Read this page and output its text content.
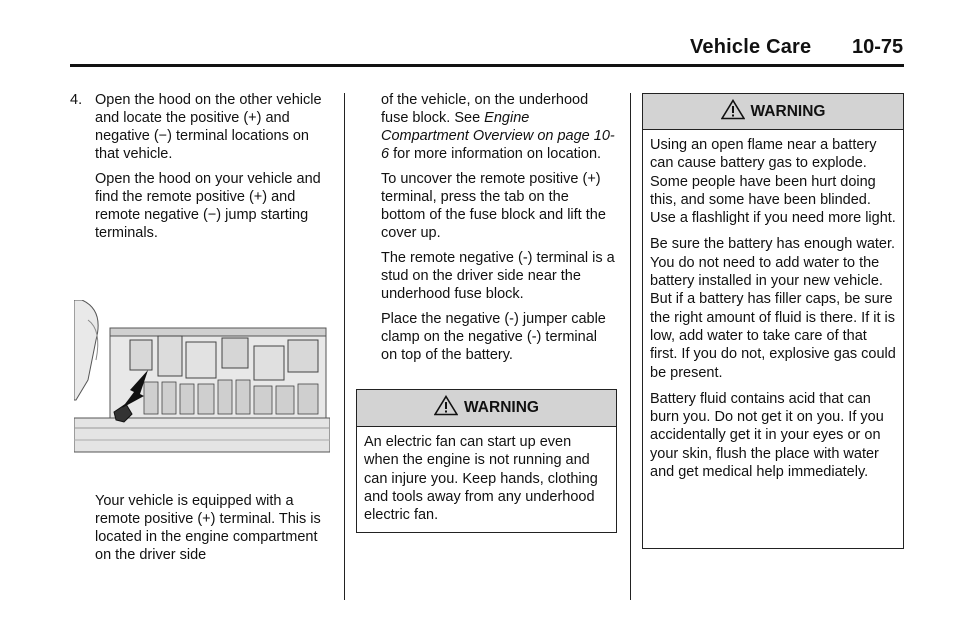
Vehicle Care 10-75
4. Open the hood on the other vehicle and locate the positive (+) and negative (−) terminal locations on that vehicle.

Open the hood on your vehicle and find the remote positive (+) and remote negative (−) jump starting terminals.

Your vehicle is equipped with a remote positive (+) terminal. This is located in the engine compartment on the driver side

of the vehicle, on the underhood fuse block. See Engine Compartment Overview on page 10-6 for more information on location.

To uncover the remote positive (+) terminal, press the tab on the bottom of the fuse block and lift the cover up.

The remote negative (-) terminal is a stud on the driver side near the underhood fuse block.

Place the negative (-) jumper cable clamp on the negative (-) terminal on top of the battery.

WARNING

An electric fan can start up even when the engine is not running and can injure you. Keep hands, clothing and tools away from any underhood electric fan.

WARNING

Using an open flame near a battery can cause battery gas to explode. Some people have been hurt doing this, and some have been blinded. Use a flashlight if you need more light.

Be sure the battery has enough water. You do not need to add water to the battery installed in your new vehicle. But if a battery has filler caps, be sure the right amount of fluid is there. If it is low, add water to take care of that first. If you do not, explosive gas could be present.

Battery fluid contains acid that can burn you. Do not get it on you. If you accidentally get it in your eyes or on your skin, flush the place with water and get medical help immediately.
